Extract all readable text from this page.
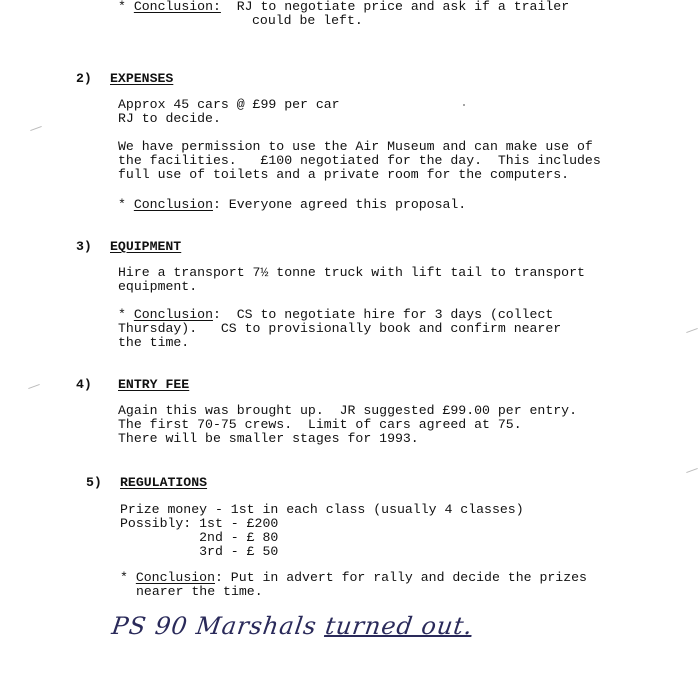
* Conclusion: RJ to negotiate price and ask if a trailer
could be left.
2) EXPENSES
Approx 45 cars @ £99 per car
RJ to decide.
We have permission to use the Air Museum and can make use of
the facilities.   £100 negotiated for the day.  This includes
full use of toilets and a private room for the computers.
* Conclusion: Everyone agreed this proposal.
3) EQUIPMENT
Hire a transport 7½ tonne truck with lift tail to transport
equipment.
* Conclusion:  CS to negotiate hire for 3 days (collect
Thursday).   CS to provisionally book and confirm nearer
the time.
4) ENTRY FEE
Again this was brought up.  JR suggested £99.00 per entry.
The first 70-75 crews.  Limit of cars agreed at 75.
There will be smaller stages for 1993.
5) REGULATIONS
Prize money - 1st in each class (usually 4 classes)
Possibly: 1st - £200
2nd - £ 80
3rd - £ 50
* Conclusion: Put in advert for rally and decide the prizes
nearer the time.
PS 90 Marshals turned out.
